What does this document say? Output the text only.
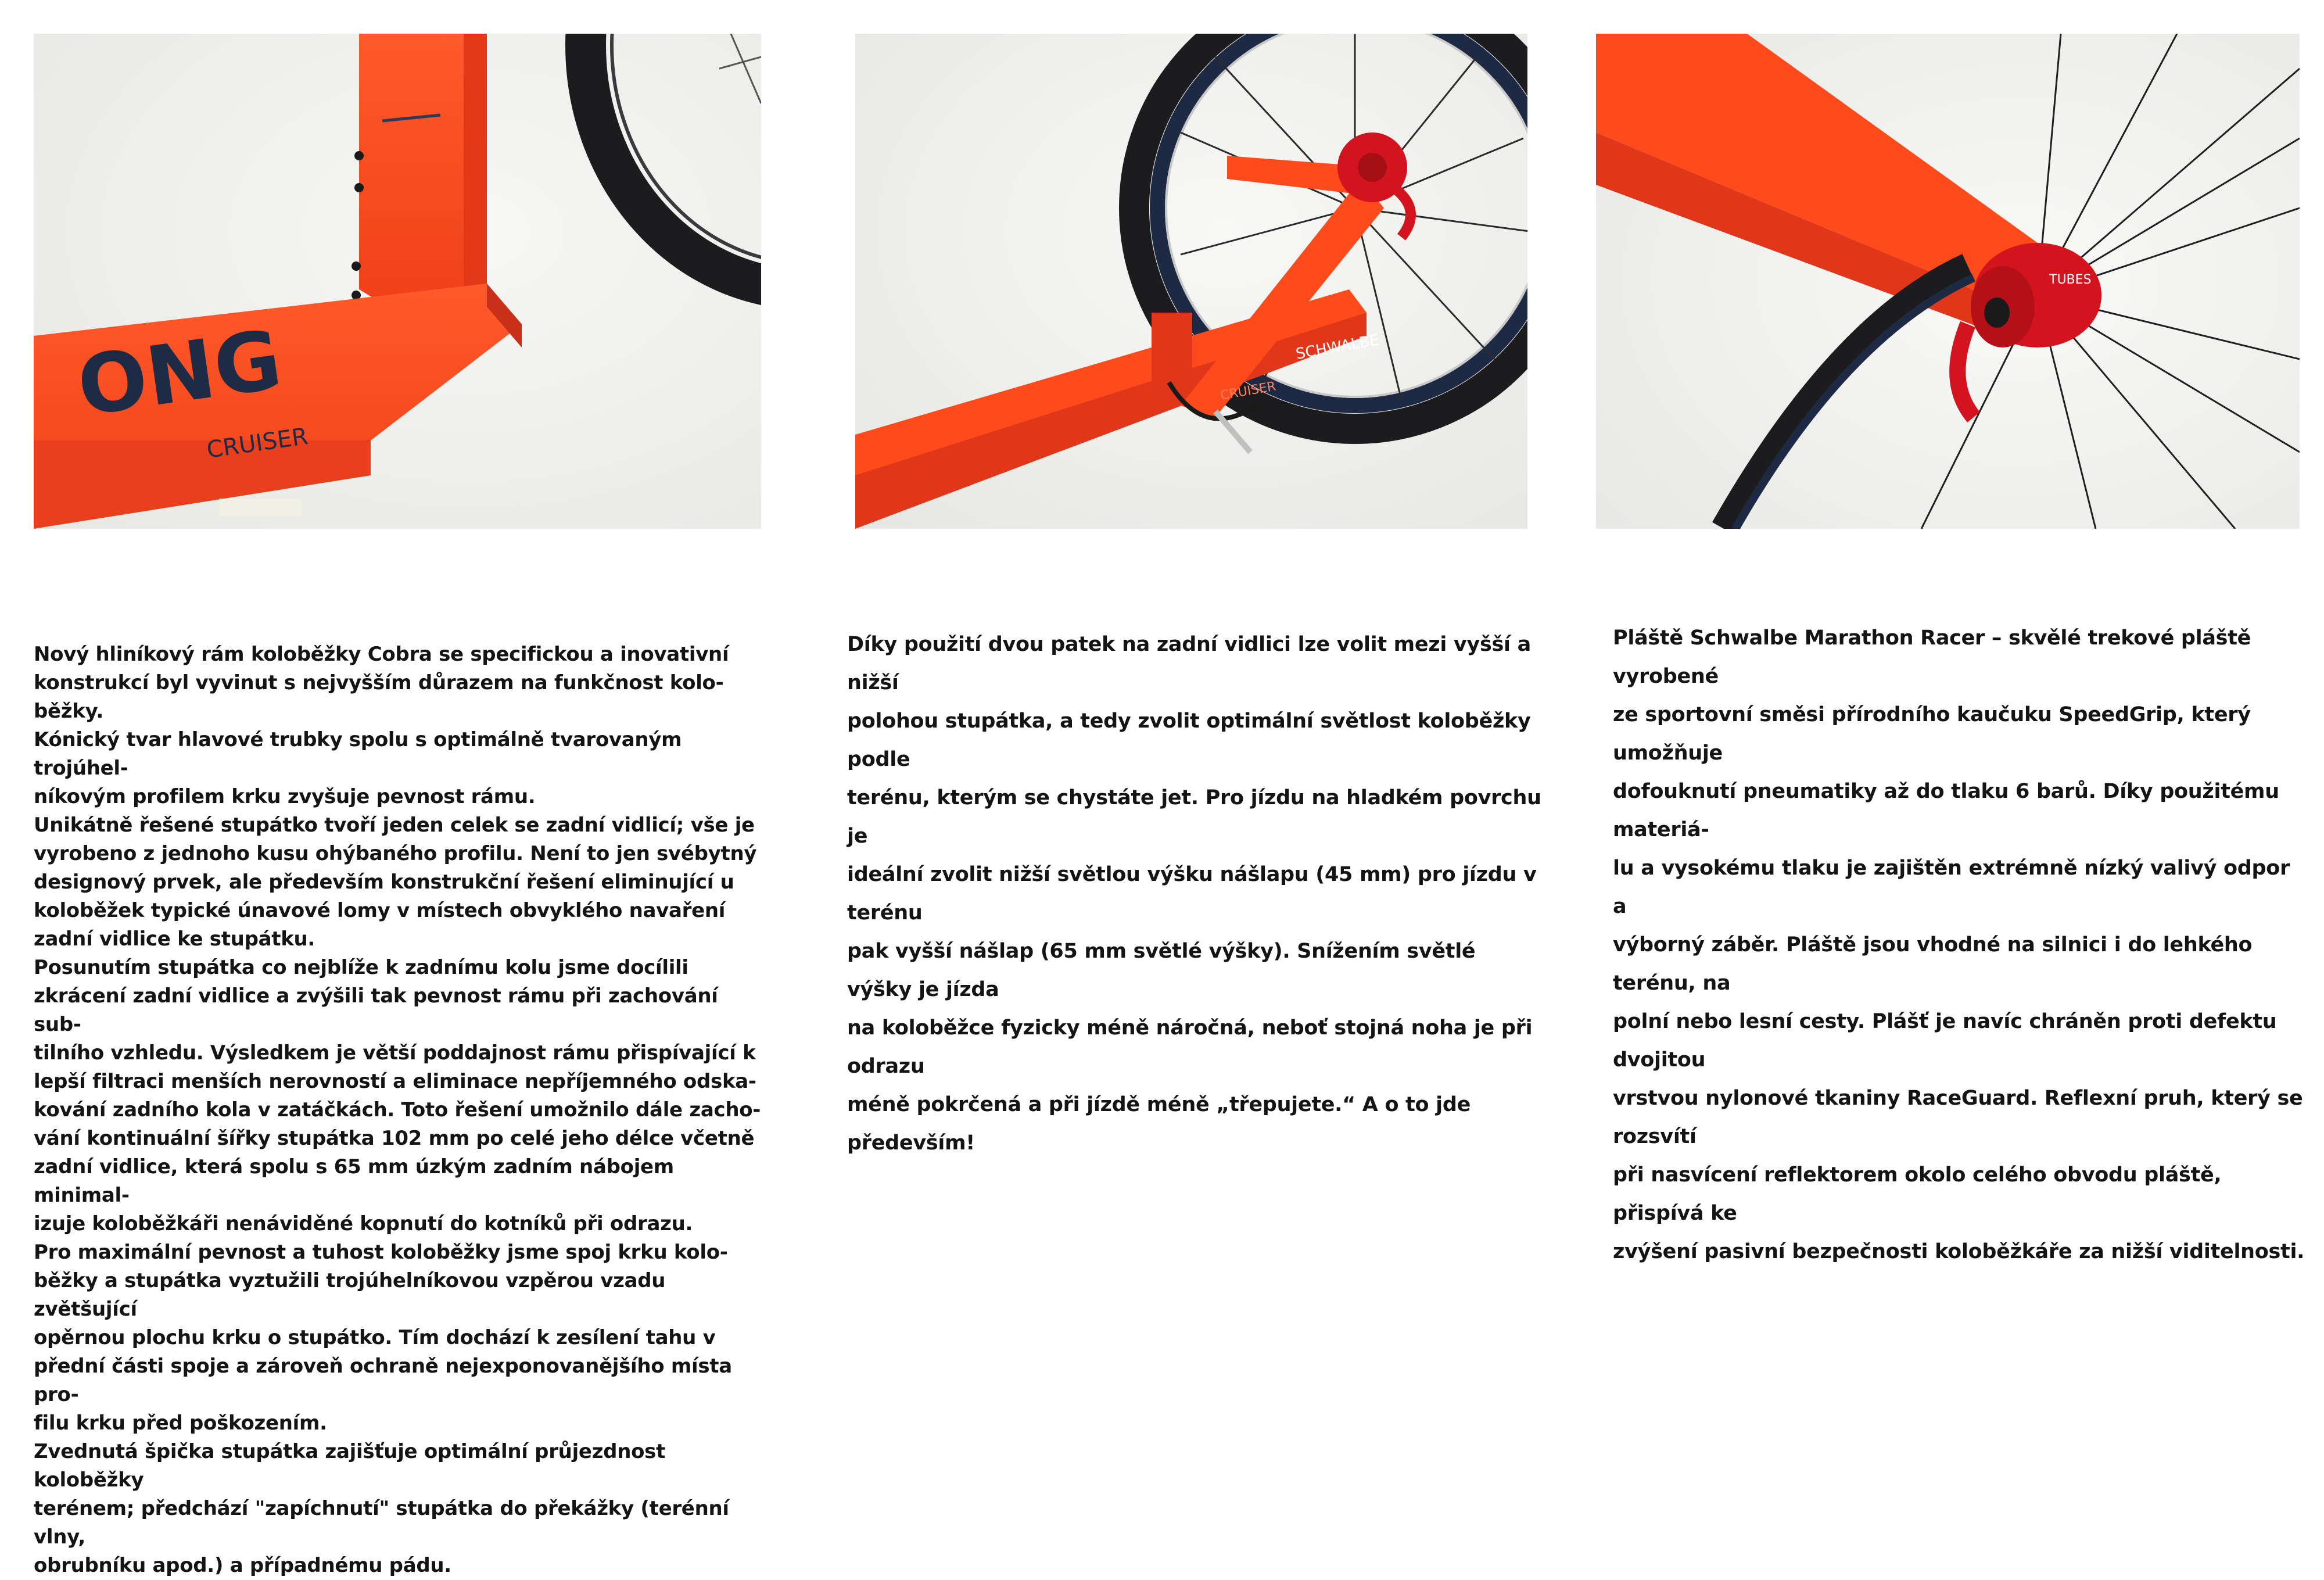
ONG
CRUISER
SCHWALBE
CRUISER
TUBES

Nový hliníkový rám koloběžky Cobra se specifickou a inovativní
konstrukcí byl vyvinut s nejvyšším důrazem na funkčnost kolo-
běžky.

Kónický tvar hlavové trubky spolu s optimálně tvarovaným trojúhel-
níkovým profilem krku zvyšuje pevnost rámu.

Unikátně řešené stupátko tvoří jeden celek se zadní vidlicí; vše je
vyrobeno z jednoho kusu ohýbaného profilu. Není to jen svébytný
designový prvek, ale především konstrukční řešení eliminující u
koloběžek typické únavové lomy v místech obvyklého navaření
zadní vidlice ke stupátku.

Posunutím stupátka co nejblíže k zadnímu kolu jsme docílili
zkrácení zadní vidlice a zvýšili tak pevnost rámu při zachování sub-
tilního vzhledu. Výsledkem je větší poddajnost rámu přispívající k
lepší filtraci menších nerovností a eliminace nepříjemného odska-
kování zadního kola v zatáčkách. Toto řešení umožnilo dále zacho-
vání kontinuální šířky stupátka 102 mm po celé jeho délce včetně
zadní vidlice, která spolu s 65 mm úzkým zadním nábojem minimal-
izuje koloběžkáři nenáviděné kopnutí do kotníků při odrazu.

Pro maximální pevnost a tuhost koloběžky jsme spoj krku kolo-
běžky a stupátka vyztužili trojúhelníkovou vzpěrou vzadu zvětšující
opěrnou plochu krku o stupátko. Tím dochází k zesílení tahu v
přední části spoje a zároveň ochraně nejexponovanějšího místa pro-
filu krku před poškozením.

Zvednutá špička stupátka zajišťuje optimální průjezdnost koloběžky
terénem; předchází "zapíchnutí" stupátka do překážky (terénní vlny,
obrubníku apod.) a případnému pádu.

Díky použití dvou patek na zadní vidlici lze volit mezi vyšší a nižší
polohou stupátka, a tedy zvolit optimální světlost koloběžky podle
terénu, kterým se chystáte jet. Pro jízdu na hladkém povrchu je
ideální zvolit nižší světlou výšku nášlapu (45 mm) pro jízdu v terénu
pak vyšší nášlap (65 mm světlé výšky). Snížením světlé výšky je jízda
na koloběžce fyzicky méně náročná, neboť stojná noha je při odrazu
méně pokrčená a při jízdě méně „třepujete.“ A o to jde především!

Pláště Schwalbe Marathon Racer – skvělé trekové pláště vyrobené
ze sportovní směsi přírodního kaučuku SpeedGrip, který umožňuje
dofouknutí pneumatiky až do tlaku 6 barů. Díky použitému materiá-
lu a vysokému tlaku je zajištěn extrémně nízký valivý odpor a
výborný záběr. Pláště jsou vhodné na silnici i do lehkého terénu, na
polní nebo lesní cesty. Plášť je navíc chráněn proti defektu dvojitou
vrstvou nylonové tkaniny RaceGuard. Reflexní pruh, který se rozsvítí
při nasvícení reflektorem okolo celého obvodu pláště, přispívá ke
zvýšení pasivní bezpečnosti koloběžkáře za nižší viditelnosti.
